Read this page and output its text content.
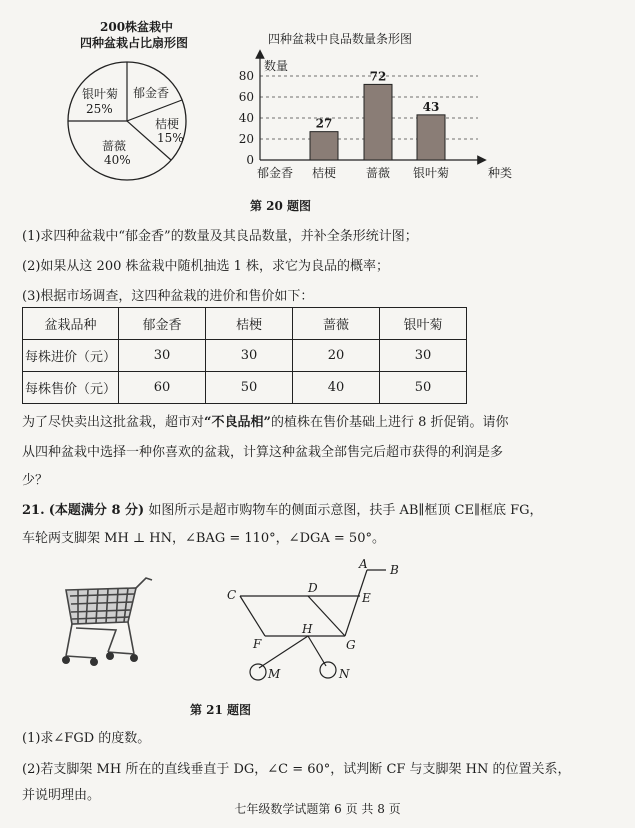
200株盆栽中
四种盆栽占比扇形图
郁金香
桔梗
15%
蔷薇
40%
银叶菊
25%
四种盆栽中良品数量条形图
0
20
40
60
80
27
72
43
郁金香 桔梗 蔷薇 银叶菊
数量
种类
第 20 题图
(1)求四种盆栽中“郁金香”的数量及其良品数量，并补全条形统计图；
(2)如果从这 200 株盆栽中随机抽选 1 株，求它为良品的概率；
(3)根据市场调查，这四种盆栽的进价和售价如下：
盆栽品种	郁金香	桔梗	蔷薇	银叶菊
每株进价（元）	30	30	20	30
每株售价（元）	60	50	40	50
为了尽快卖出这批盆栽，超市对“不良品相”的植株在售价基础上进行 8 折促销。请你
从四种盆栽中选择一种你喜欢的盆栽，计算这种盆栽全部售完后超市获得的利润是多
少？
21. (本题满分 8 分) 如图所示是超市购物车的侧面示意图，扶手 AB∥框顶 CE∥框底 FG，
车轮两支脚架 MH ⊥ HN，∠BAG = 110°，∠DGA = 50°。
A B
C	D
E
F
H
G
M	N
第 21 题图
(1)求∠FGD 的度数。
(2)若支脚架 MH 所在的直线垂直于 DG，∠C = 60°，试判断 CF 与支脚架 HN 的位置关系，
并说明理由。
七年级数学试题第 6 页 共 8 页
